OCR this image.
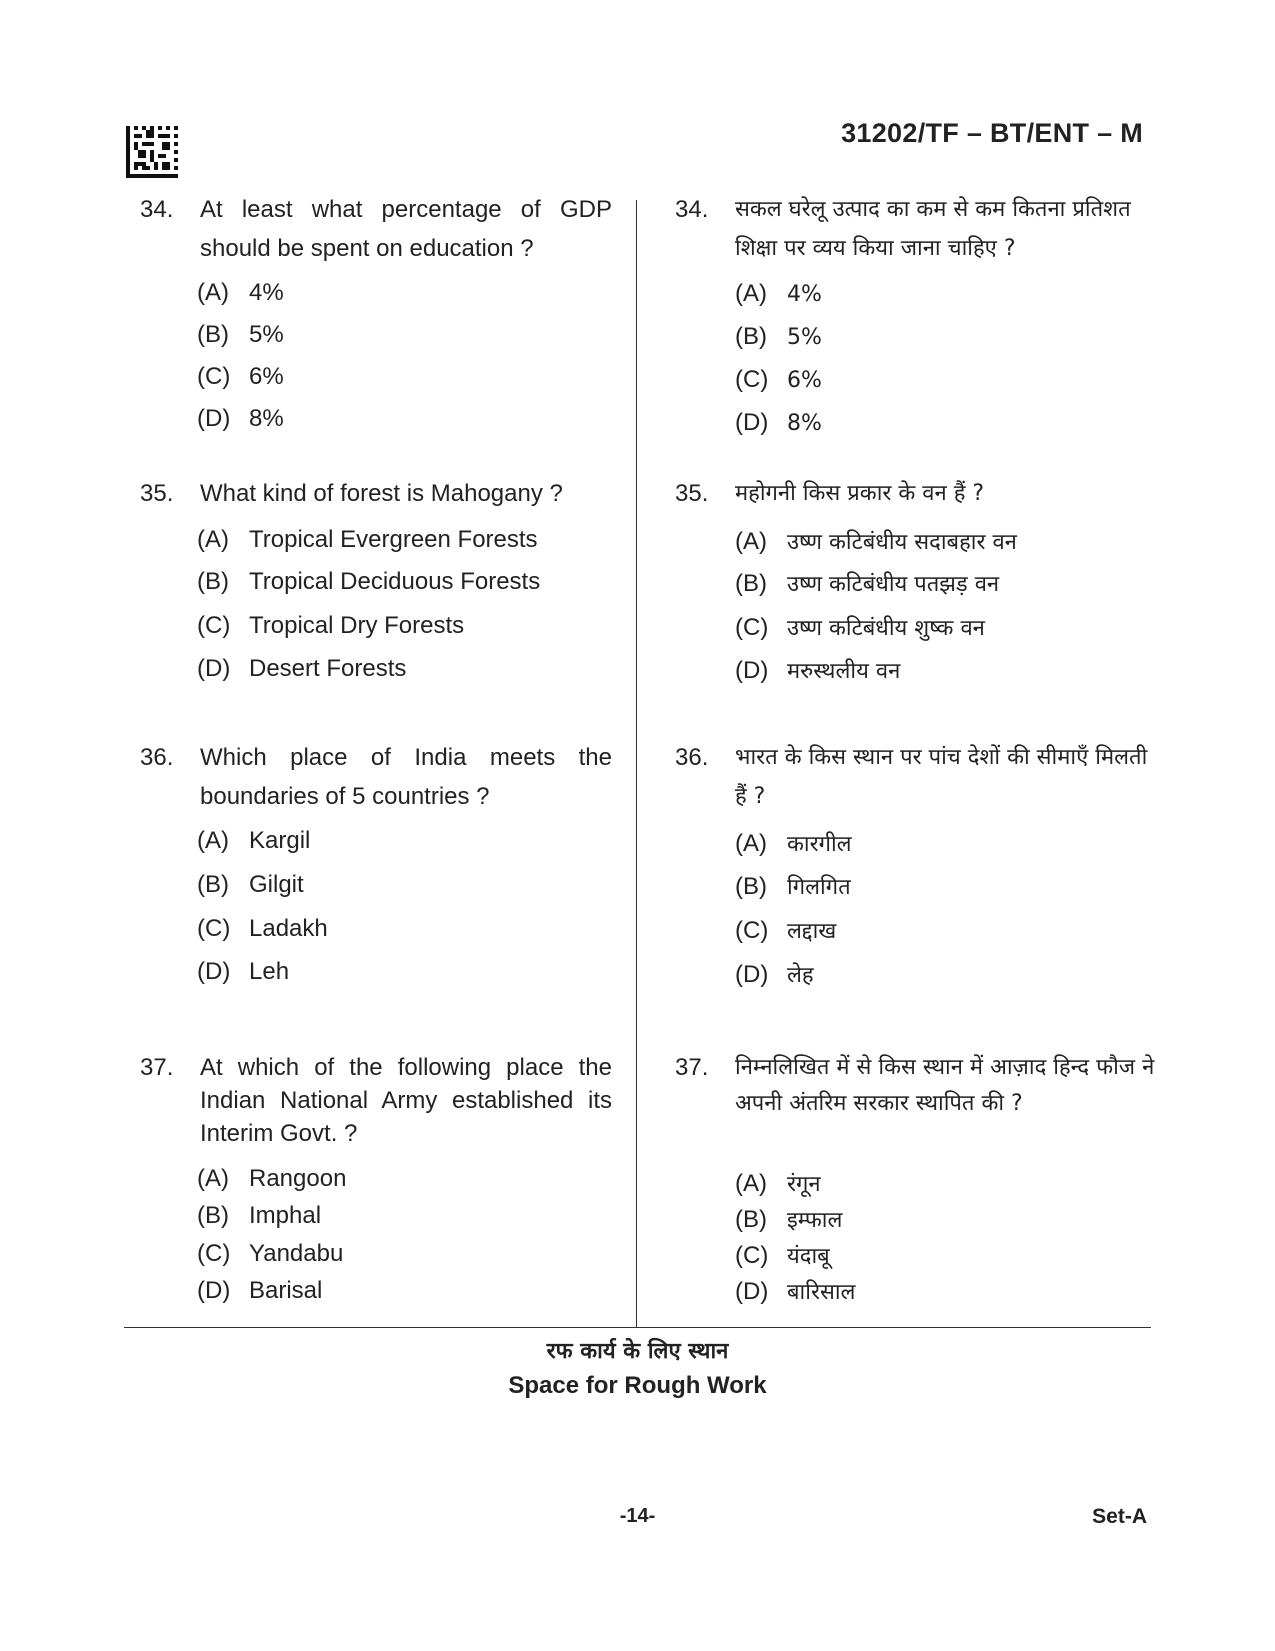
31202/TF – BT/ENT – M
34. At least what percentage of GDP should be spent on education ?
(A) 4%
(B) 5%
(C) 6%
(D) 8%
35. What kind of forest is Mahogany ?
(A) Tropical Evergreen Forests
(B) Tropical Deciduous Forests
(C) Tropical Dry Forests
(D) Desert Forests
36. Which place of India meets the boundaries of 5 countries ?
(A) Kargil
(B) Gilgit
(C) Ladakh
(D) Leh
37. At which of the following place the Indian National Army established its Interim Govt. ?
(A) Rangoon
(B) Imphal
(C) Yandabu
(D) Barisal
34. सकल घरेलू उत्पाद का कम से कम कितना प्रतिशत शिक्षा पर व्यय किया जाना चाहिए ?
(A) 4%
(B) 5%
(C) 6%
(D) 8%
35. महोगनी किस प्रकार के वन हैं ?
(A) उष्ण कटिबंधीय सदाबहार वन
(B) उष्ण कटिबंधीय पतझड़ वन
(C) उष्ण कटिबंधीय शुष्क वन
(D) मरुस्थलीय वन
36. भारत के किस स्थान पर पांच देशों की सीमाएँ मिलती हैं ?
(A) कारगील
(B) गिलगित
(C) लद्दाख
(D) लेह
37. निम्नलिखित में से किस स्थान में आज़ाद हिन्द फौज ने अपनी अंतरिम सरकार स्थापित की ?
(A) रंगून
(B) इम्फाल
(C) यंदाबू
(D) बारिसाल
रफ कार्य के लिए स्थान
Space for Rough Work
-14-	Set-A
